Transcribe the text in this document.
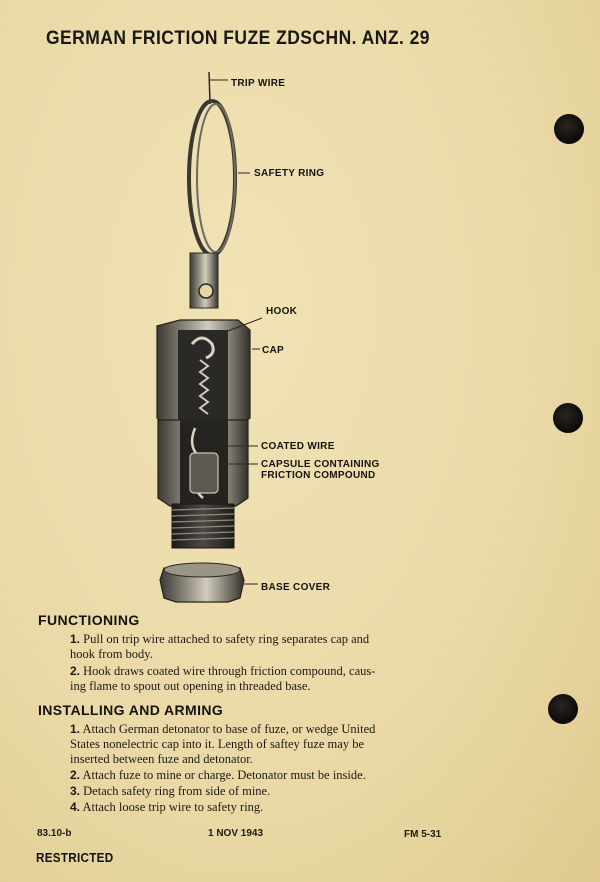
GERMAN FRICTION FUZE ZDSCHN. ANZ. 29
TRIP WIRE
SAFETY RING
HOOK
CAP
COATED WIRE
CAPSULE CONTAINING
FRICTION COMPOUND
BASE COVER
FUNCTIONING
1. Pull on trip wire attached to safety ring separates cap and
hook from body.
2. Hook draws coated wire through friction compound, caus-
ing flame to spout out opening in threaded base.
INSTALLING AND ARMING
1. Attach German detonator to base of fuze, or wedge United
States nonelectric cap into it. Length of saftey fuze may be
inserted between fuze and detonator.
2. Attach fuze to mine or charge. Detonator must be inside.
3. Detach safety ring from side of mine.
4. Attach loose trip wire to safety ring.
83.10-b	1 NOV 1943	FM 5-31
RESTRICTED
